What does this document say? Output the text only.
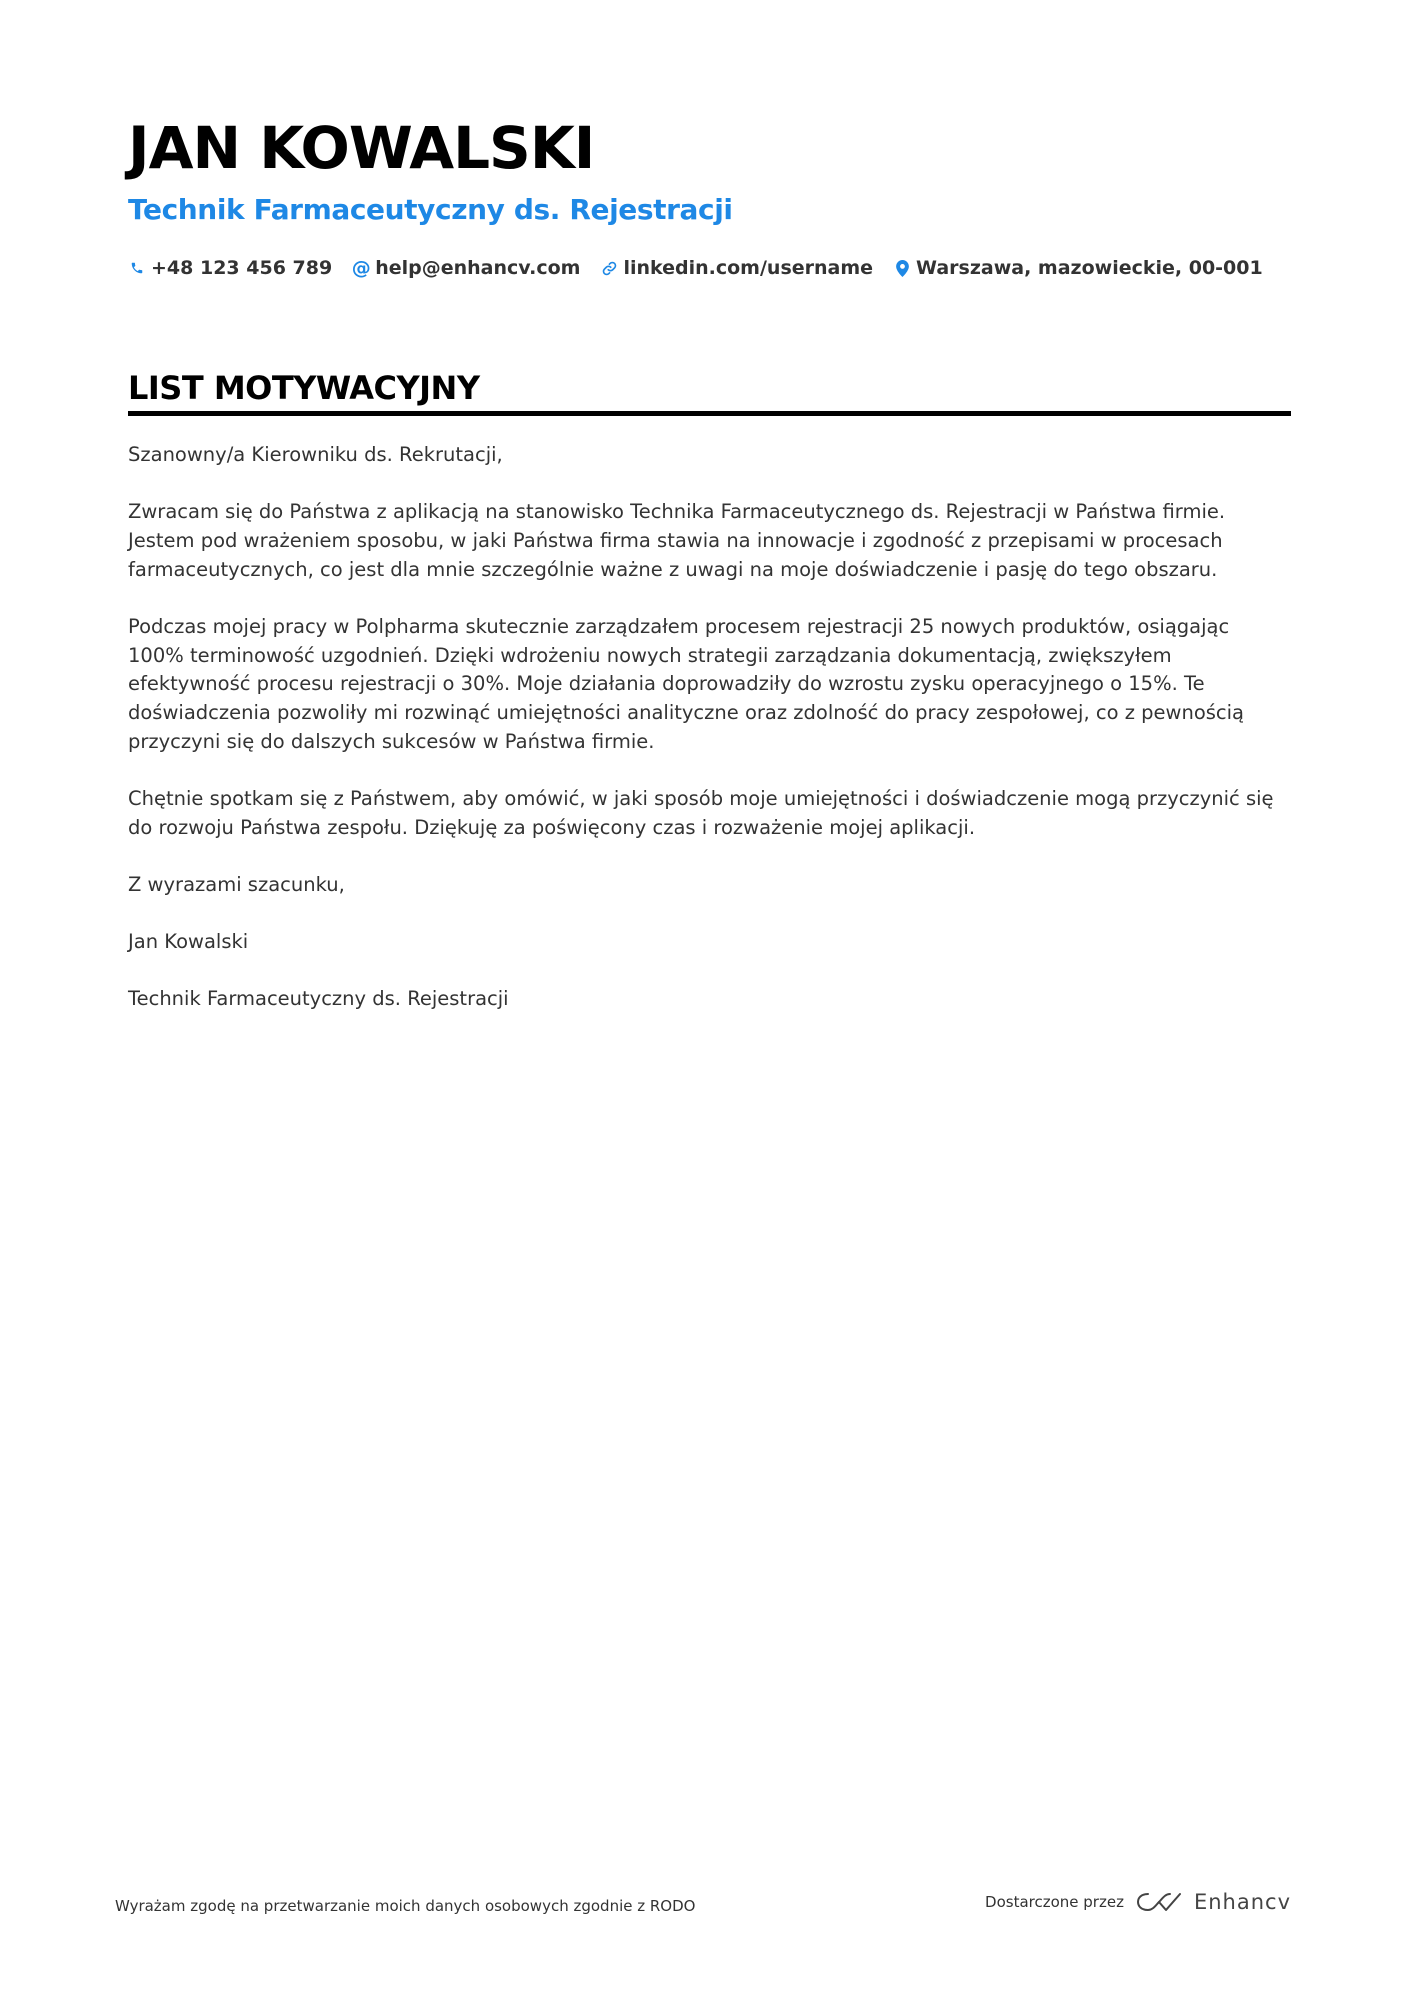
JAN KOWALSKI
Technik Farmaceutyczny ds. Rejestracji
+48 123 456 789 @ help@enhancv.com linkedin.com/username Warszawa, mazowieckie, 00-001
LIST MOTYWACYJNY

Szanowny/a Kierowniku ds. Rekrutacji,

Zwracam się do Państwa z aplikacją na stanowisko Technika Farmaceutycznego ds. Rejestracji w Państwa firmie. Jestem pod wrażeniem sposobu, w jaki Państwa firma stawia na innowacje i zgodność z przepisami w procesach farmaceutycznych, co jest dla mnie szczególnie ważne z uwagi na moje doświadczenie i pasję do tego obszaru.

Podczas mojej pracy w Polpharma skutecznie zarządzałem procesem rejestracji 25 nowych produktów, osiągając 100% terminowość uzgodnień. Dzięki wdrożeniu nowych strategii zarządzania dokumentacją, zwiększyłem efektywność procesu rejestracji o 30%. Moje działania doprowadziły do wzrostu zysku operacyjnego o 15%. Te doświadczenia pozwoliły mi rozwinąć umiejętności analityczne oraz zdolność do pracy zespołowej, co z pewnością przyczyni się do dalszych sukcesów w Państwa firmie.

Chętnie spotkam się z Państwem, aby omówić, w jaki sposób moje umiejętności i doświadczenie mogą przyczynić się do rozwoju Państwa zespołu. Dziękuję za poświęcony czas i rozważenie mojej aplikacji.

Z wyrazami szacunku,

Jan Kowalski

Technik Farmaceutyczny ds. Rejestracji

Wyrażam zgodę na przetwarzanie moich danych osobowych zgodnie z RODO	Dostarczone przez	Enhancv
